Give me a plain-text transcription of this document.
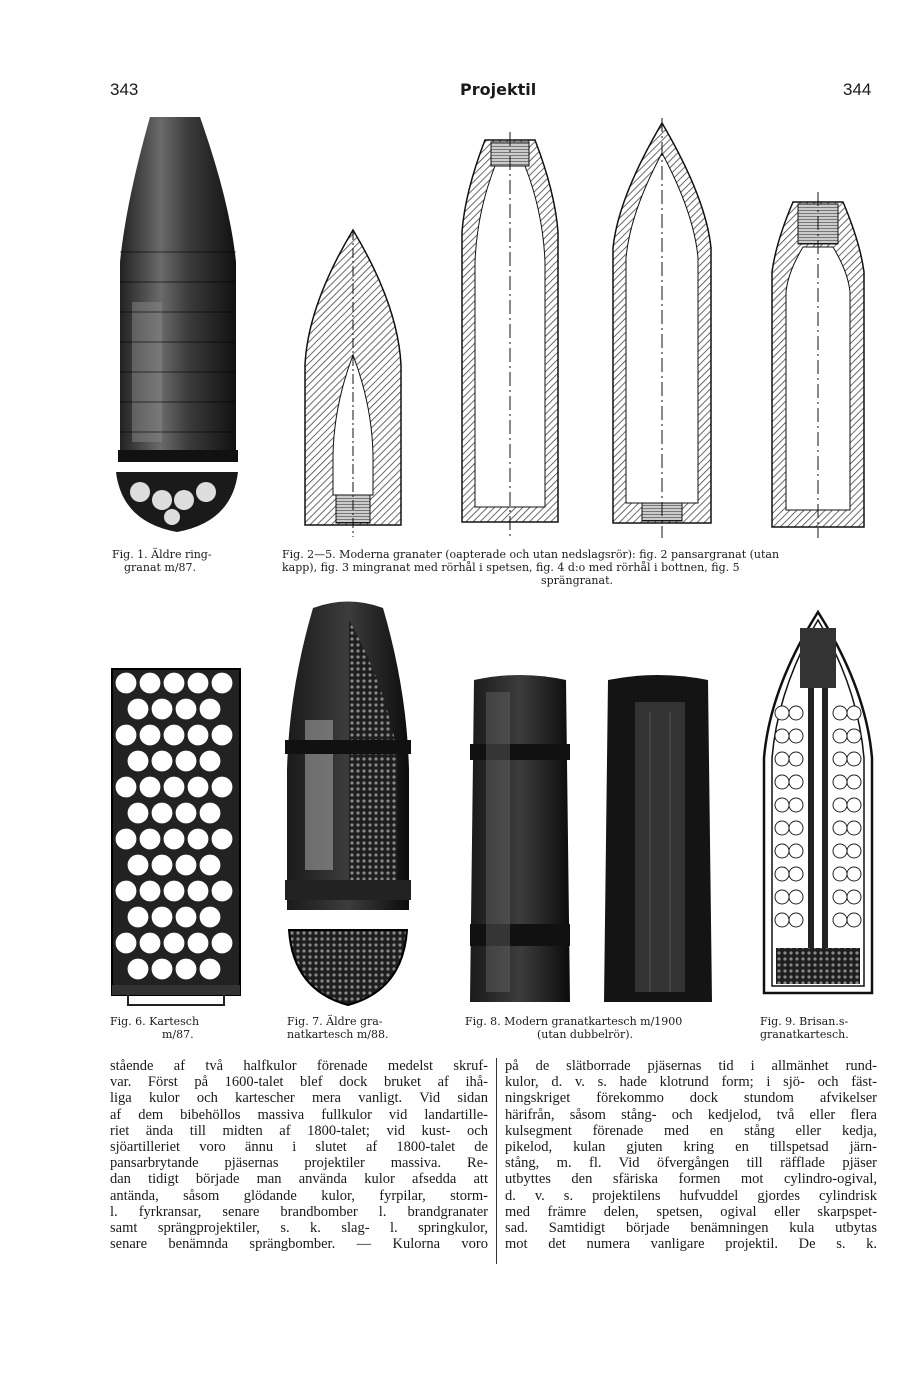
343	Projektil	344
Fig. 1. Äldre ring-
granat m/87.
Fig. 2—5. Moderna granater (oapterade och utan nedslagsrör): fig. 2 pansargranat (utan
kapp), fig. 3 mingranat med rörhål i spetsen, fig. 4 d:o med rörhål i bottnen, fig. 5
sprängranat.
Fig. 6. Kartesch
m/87.
Fig. 7. Äldre gra-
natkartesch m/88.
Fig. 8. Modern granatkartesch m/1900
(utan dubbelrör).
Fig. 9. Brisan.s-
granatkartesch.
stående af två halfkulor förenade medelst skruf-
var. Först på 1600-talet blef dock bruket af ihå-
liga kulor och kartescher mera vanligt. Vid sidan
af dem bibehöllos massiva fullkulor vid landartille-
riet ända till midten af 1800-talet; vid kust- och
sjöartilleriet voro ännu i slutet af 1800-talet de
pansarbrytande pjäsernas projektiler massiva. Re-
dan tidigt började man använda kulor afsedda att
antända, såsom glödande kulor, fyrpilar, storm-
l. fyrkransar, senare brandbomber l. brandgranater
samt sprängprojektiler, s. k. slag- l. springkulor,
senare benämnda sprängbomber. — Kulorna voro
på de slätborrade pjäsernas tid i allmänhet rund-
kulor, d. v. s. hade klotrund form; i sjö- och fäst-
ningskriget förekommo dock stundom afvikelser
härifrån, såsom stång- och kedjelod, två eller flera
kulsegment förenade med en stång eller kedja,
pikelod, kulan gjuten kring en tillspetsad järn-
stång, m. fl. Vid öfvergången till räfflade pjäser
utbyttes den sfäriska formen mot cylindro-ogival,
d. v. s. projektilens hufvuddel gjordes cylindrisk
med främre delen, spetsen, ogival eller skarpspet-
sad. Samtidigt började benämningen kula utbytas
mot det numera vanligare projektil. De s. k.
